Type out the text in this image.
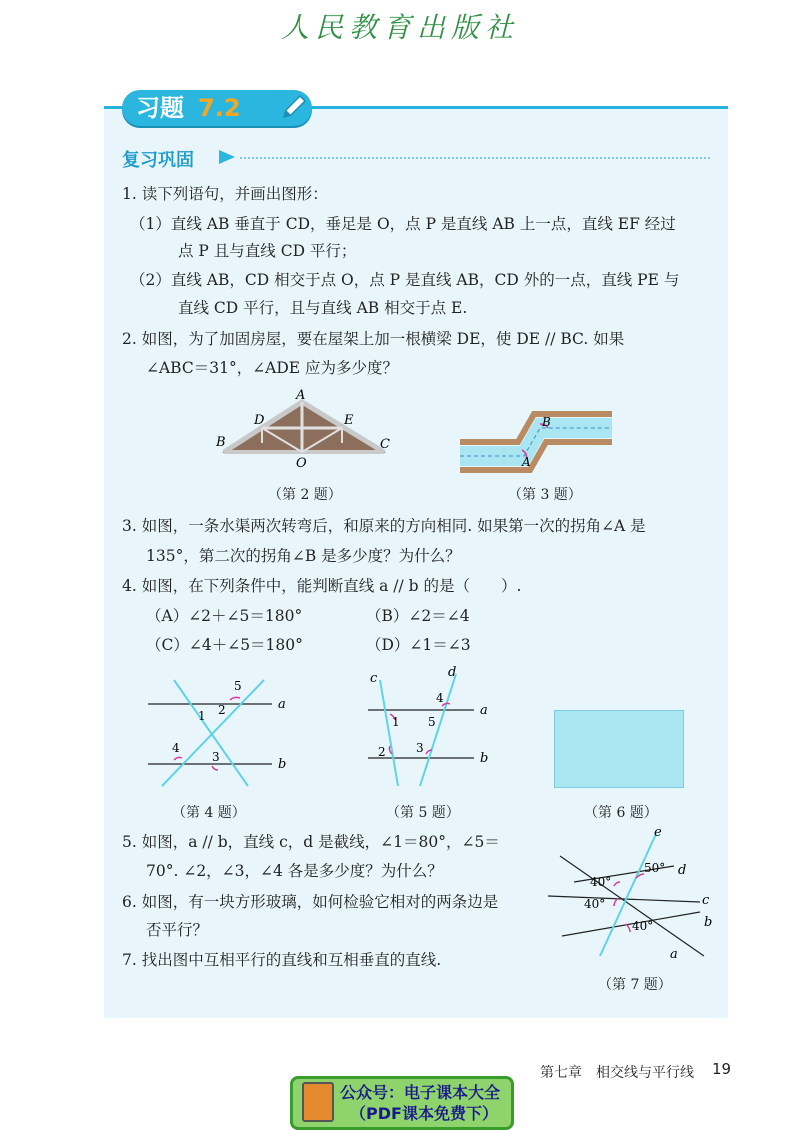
人民教育出版社
习题 7.2
复习巩固
1. 读下列语句，并画出图形：
（1）直线 AB 垂直于 CD，垂足是 O，点 P 是直线 AB 上一点，直线 EF 经过
点 P 且与直线 CD 平行；
（2）直线 AB，CD 相交于点 O，点 P 是直线 AB，CD 外的一点，直线 PE 与
直线 CD 平行，且与直线 AB 相交于点 E.
2. 如图，为了加固房屋，要在屋架上加一根横梁 DE，使 DE // BC. 如果
∠ABC＝31°，∠ADE 应为多少度？
A
B	C
D	E
O
（第 2 题）
B
A
（第 3 题）
3. 如图，一条水渠两次转弯后，和原来的方向相同. 如果第一次的拐角∠A 是
135°，第二次的拐角∠B 是多少度？为什么？
4. 如图，在下列条件中，能判断直线 a // b 的是（　　）.
（A）∠2＋∠5＝180°	（B）∠2＝∠4
（C）∠4＋∠5＝180°	（D）∠1＝∠3
1 2
3
4
5
a
b
（第 4 题）
c	d
1
2	3
4
5
a
b
（第 5 题）	（第 6 题）
5. 如图，a // b，直线 c，d 是截线，∠1＝80°，∠5＝
70°. ∠2，∠3，∠4 各是多少度？为什么？
6. 如图，有一块方形玻璃，如何检验它相对的两条边是
否平行？
7. 找出图中互相平行的直线和互相垂直的直线.
e
d
c
b
a
50°
40°
40°
40°
（第 7 题）
第七章　相交线与平行线 19
公众号：电子课本大全
（PDF课本免费下）
